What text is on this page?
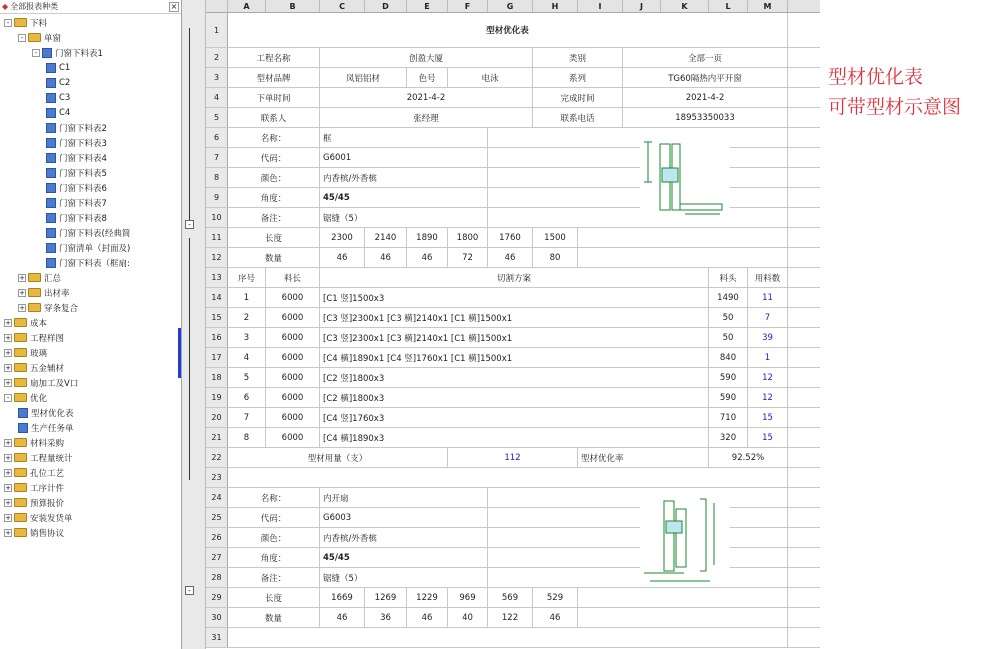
◆ 全部报表种类	×
-	下料
-	单窗
-	门窗下料表1
C1
C2
C3
C4
门窗下料表2
门窗下料表3
门窗下料表4
门窗下料表5
门窗下料表6
门窗下料表7
门窗下料表8
门窗下料表(经典简
门窗清单（封面及)
门窗下料表（框扇:
+ 汇总
+ 出材率
+ 穿条复合
+ 成本
+ 工程样图
+ 玻璃
+ 五金辅材
+ 扇加工及V口
-	优化
型材优化表
生产任务单
+ 材料采购
+ 工程量统计
+ 孔位工艺
+ 工序计件
+ 预算报价
+ 安装发货单
+ 销售协议
-
-
A	B	C	D	E	F	G	H	I	J	K	L	M
1	型材优化表
2	工程名称	创盈大厦	类别	全部一页
3	型材品牌	凤铝铝材	色号	电泳	系列	TG60隔热内平开窗
4	下单时间	2021-4-2	完成时间	2021-4-2
5	联系人	张经理	联系电话	18953350033
6	名称：	框
7	代码：	G6001
8	颜色：	内香槟/外香槟
9	角度：	45/45
10	备注：	锯缝（5）
11	长度	2300	2140	1890	1800	1760	1500
12	数量	46	46	46	72	46	80
13	序号	料长	切割方案	料头	用料数
14	1	6000	[C1 竖]1500x3	1490	11
15	2	6000	[C3 竖]2300x1 [C3 横]2140x1 [C1 横]1500x1	50	7
16	3	6000	[C3 竖]2300x1 [C3 横]2140x1 [C1 横]1500x1	50	39
17	4	6000	[C4 横]1890x1 [C4 竖]1760x1 [C1 横]1500x1	840	1
18	5	6000	[C2 竖]1800x3	590	12
19	6	6000	[C2 横]1800x3	590	12
20	7	6000	[C4 竖]1760x3	710	15
21	8	6000	[C4 横]1890x3	320	15
22	型材用量（支）	112	型材优化率	92.52%
23
24	名称：	内开扇
25	代码：	G6003
26	颜色：	内香槟/外香槟
27	角度：	45/45
28	备注：	锯缝（5）
29	长度	1669	1269	1229	969	569	529
30	数量	46	36	46	40	122	46
31
型材优化表
可带型材示意图
